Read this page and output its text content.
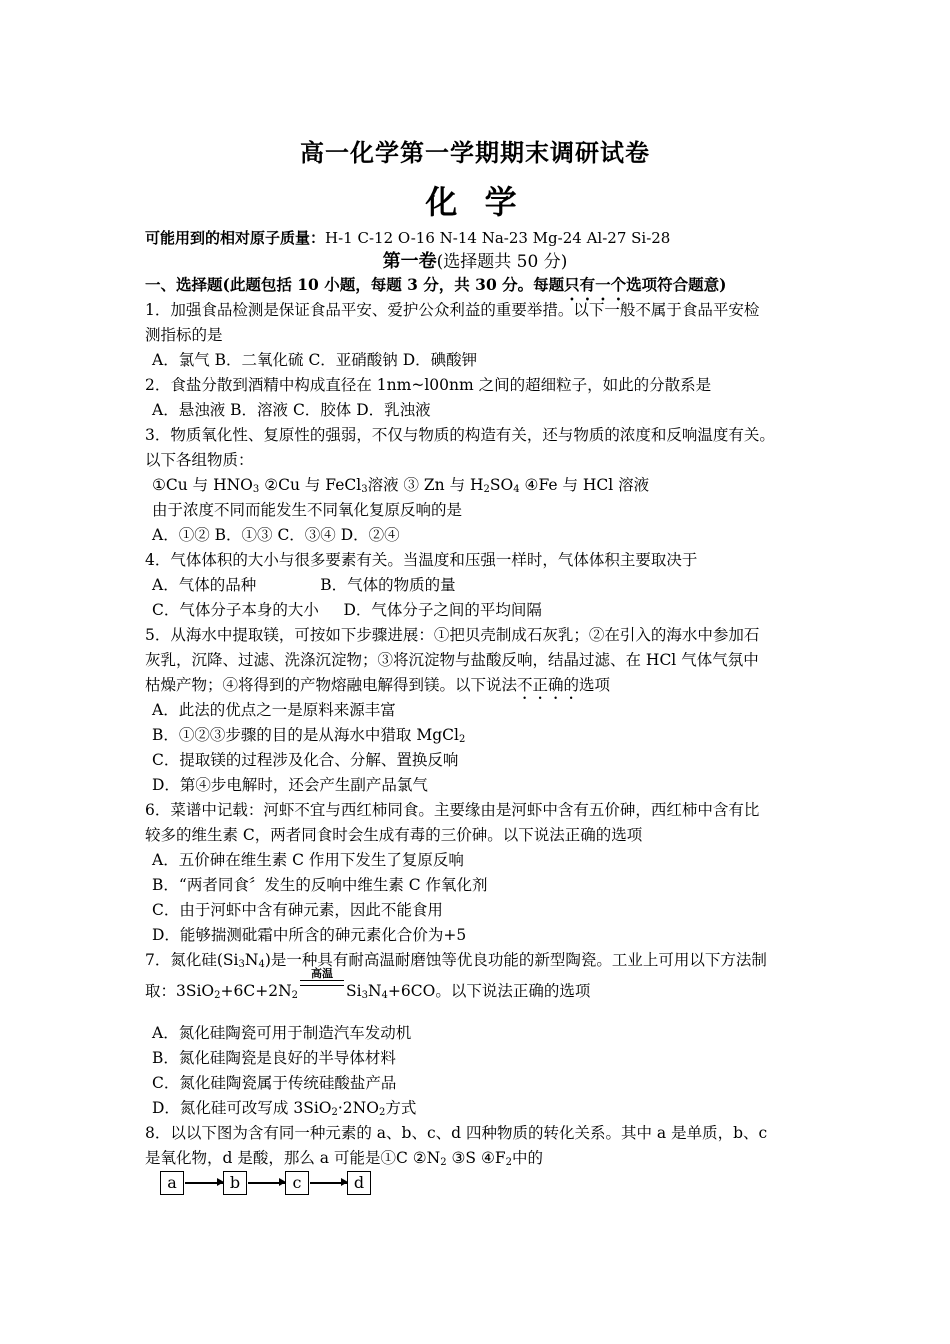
高一化学第一学期期末调研试卷
化 学
可能用到的相对原子质量：H-1 C-12 O-16 N-14 Na-23 Mg-24 Al-27 Si-28
第一卷(选择题共 50 分)
一、选择题(此题包括 10 小题，每题 3 分，共 30 分。每题只有一个选项符合题意)
1．加强食品检测是保证食品平安、爱护公众利益的重要举措。以下一般不属于食品平安检
测指标的是
A．氯气 B．二氧化硫 C．亚硝酸钠 D．碘酸钾
2．食盐分散到酒精中构成直径在 1nm~l00nm 之间的超细粒子，如此的分散系是
A．悬浊液 B．溶液 C．胶体 D．乳浊液
3．物质氧化性、复原性的强弱，不仅与物质的构造有关，还与物质的浓度和反响温度有关。
以下各组物质：
①Cu 与 $HNO_3$ ②Cu 与 FeCl$_3$溶液 ③ Zn 与 $H_2SO_4$ ④Fe 与 HCl 溶液
由于浓度不同而能发生不同氧化复原反响的是
A．①② B．①③ C．③④ D．②④
4．气体体积的大小与很多要素有关。当温度和压强一样时，气体体积主要取决于
A．气体的品种             B．气体的物质的量
C．气体分子本身的大小     D．气体分子之间的平均间隔
5．从海水中提取镁，可按如下步骤进展：①把贝壳制成石灰乳；②在引入的海水中参加石
灰乳，沉降、过滤、洗涤沉淀物；③将沉淀物与盐酸反响，结晶过滤、在 HCl 气体气氛中
枯燥产物；④将得到的产物熔融电解得到镁。以下说法不正确的选项
A．此法的优点之一是原料来源丰富
B．①②③步骤的目的是从海水中猎取 MgCl$_2$
C．提取镁的过程涉及化合、分解、置换反响
D．第④步电解时，还会产生副产品氯气
6．菜谱中记载：河虾不宜与西红柿同食。主要缘由是河虾中含有五价砷，西红柿中含有比
较多的维生素 C，两者同食时会生成有毒的三价砷。以下说法正确的选项
A．五价砷在维生素 C 作用下发生了复原反响
B．“两者同食〞发生的反响中维生素 C 作氧化剂
C．由于河虾中含有砷元素，因此不能食用
D．能够揣测砒霜中所含的砷元素化合价为+5
7．氮化硅$(Si_3N_4)$是一种具有耐高温耐磨蚀等优良功能的新型陶瓷。工业上可用以下方法制
取：$3SiO_2+6C+2N_2$
高温
$Si_3N_4+6CO$。以下说法正确的选项
A．氮化硅陶瓷可用于制造汽车发动机
B．氮化硅陶瓷是良好的半导体材料
C．氮化硅陶瓷属于传统硅酸盐产品
D．氮化硅可改写成 $3SiO_2\cdot 2NO_2$方式
8．以以下图为含有同一种元素的 a、b、c、d 四种物质的转化关系。其中 a 是单质，b、c
是氧化物，d 是酸，那么 a 可能是①C $②N_2$ ③S $④F_2$中的
a	b	c	d
